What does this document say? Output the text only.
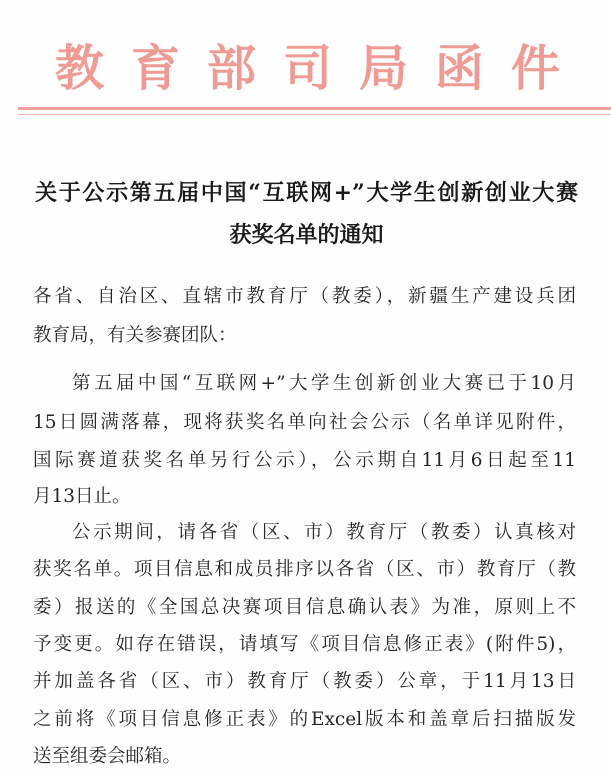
教 育 部 司 局 函 件
关于公示第五届中国“互联网+”大学生创新创业大赛
获奖名单的通知
各省、自治区、直辖市教育厅（教委），新疆生产建设兵团
教育局，有关参赛团队：
第五届中国“互联网+”大学生创新创业大赛已于10月
15日圆满落幕，现将获奖名单向社会公示（名单详见附件，
国际赛道获奖名单另行公示），公示期自11月6日起至11
月13日止。
公示期间，请各省（区、市）教育厅（教委）认真核对
获奖名单。项目信息和成员排序以各省（区、市）教育厅（教
委）报送的《全国总决赛项目信息确认表》为准，原则上不
予变更。如存在错误，请填写《项目信息修正表》(附件5)，
并加盖各省（区、市）教育厅（教委）公章，于11月13日
之前将《项目信息修正表》的Excel版本和盖章后扫描版发
送至组委会邮箱。
